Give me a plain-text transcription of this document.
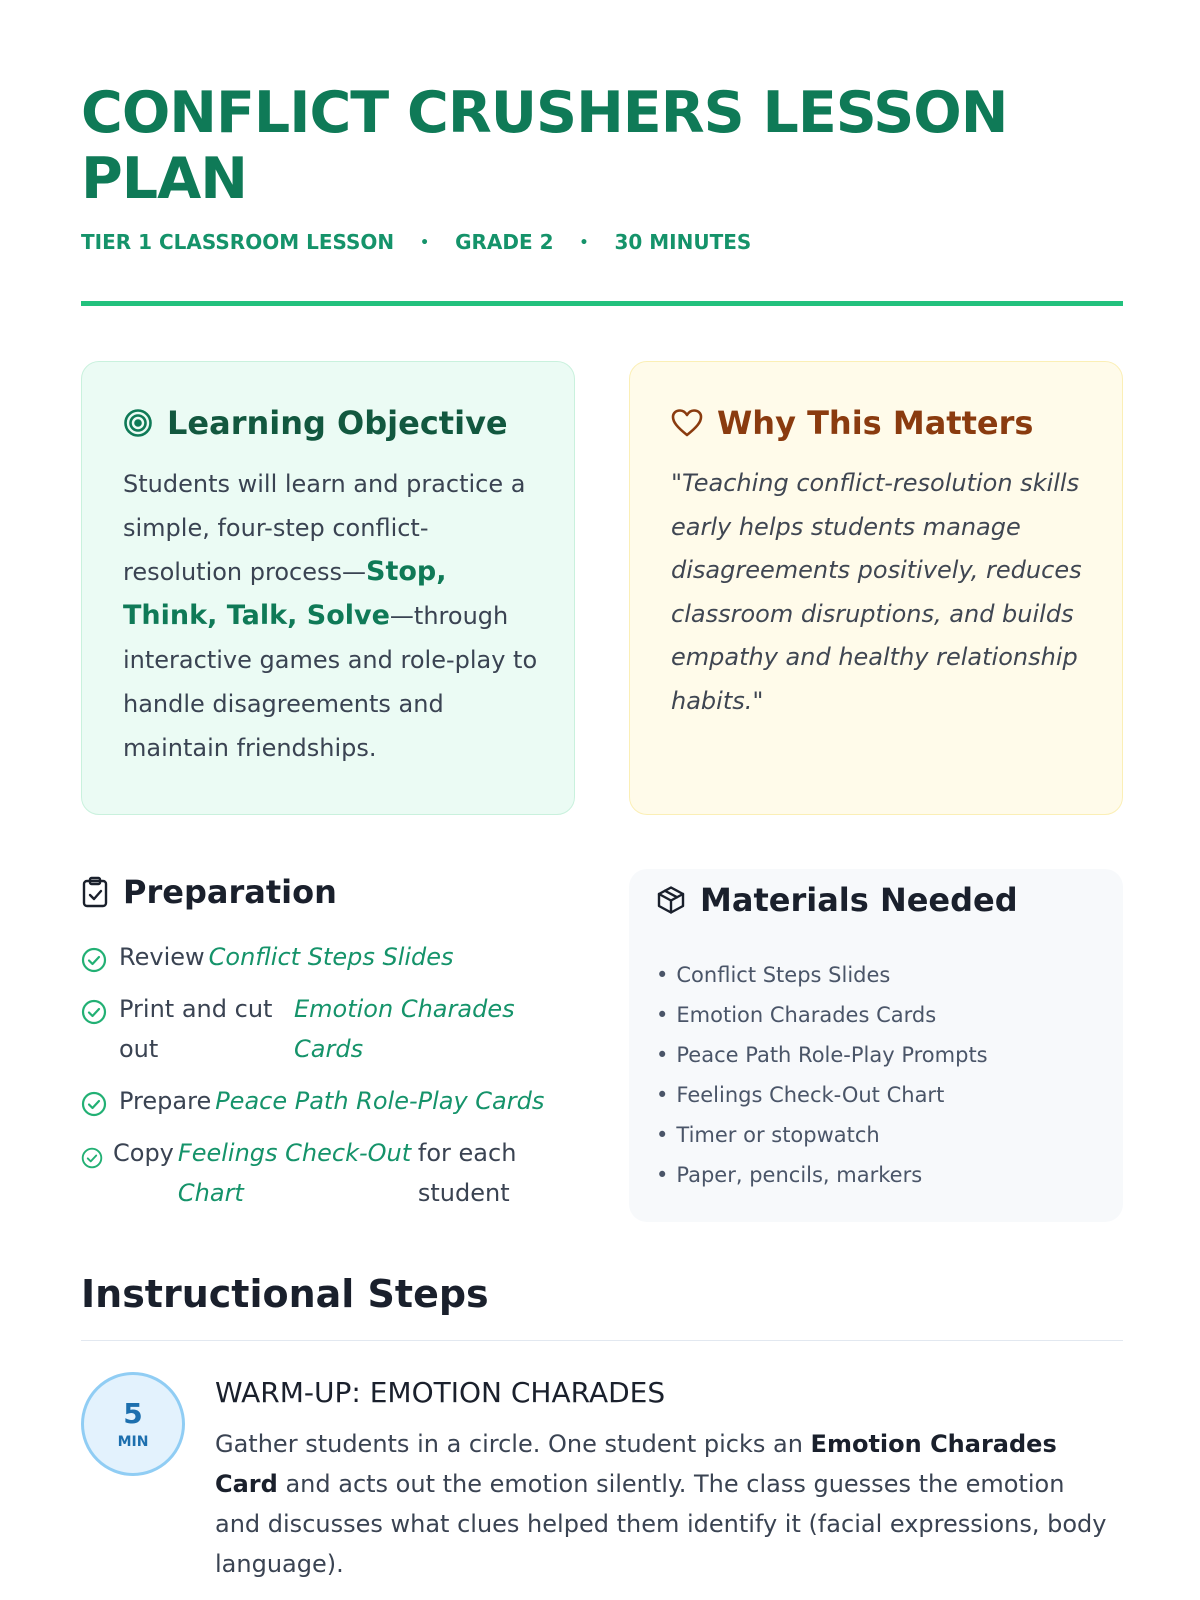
CONFLICT CRUSHERS LESSON PLAN
TIER 1 CLASSROOM LESSON • GRADE 2 • 30 MINUTES
Learning Objective

Students will learn and practice a simple, four-step conflict-resolution process—Stop, Think, Talk, Solve—through interactive games and role-play to handle disagreements and maintain friendships.

Why This Matters

"Teaching conflict-resolution skills early helps students manage disagreements positively, reduces classroom disruptions, and builds empathy and healthy relationship habits."

Preparation
Review Conflict Steps Slides
Print and cut out
Emotion Charades Cards
Prepare Peace Path Role-Play Cards
Copy Feelings Check-Out Chart
for each student
Materials Needed
• Conflict Steps Slides
• Emotion Charades Cards
• Peace Path Role-Play Prompts
• Feelings Check-Out Chart
• Timer or stopwatch
• Paper, pencils, markers
Instructional Steps
5
MIN
WARM-UP: EMOTION CHARADES

Gather students in a circle. One student picks an Emotion Charades Card and acts out the emotion silently. The class guesses the emotion and discusses what clues helped them identify it (facial expressions, body language).
